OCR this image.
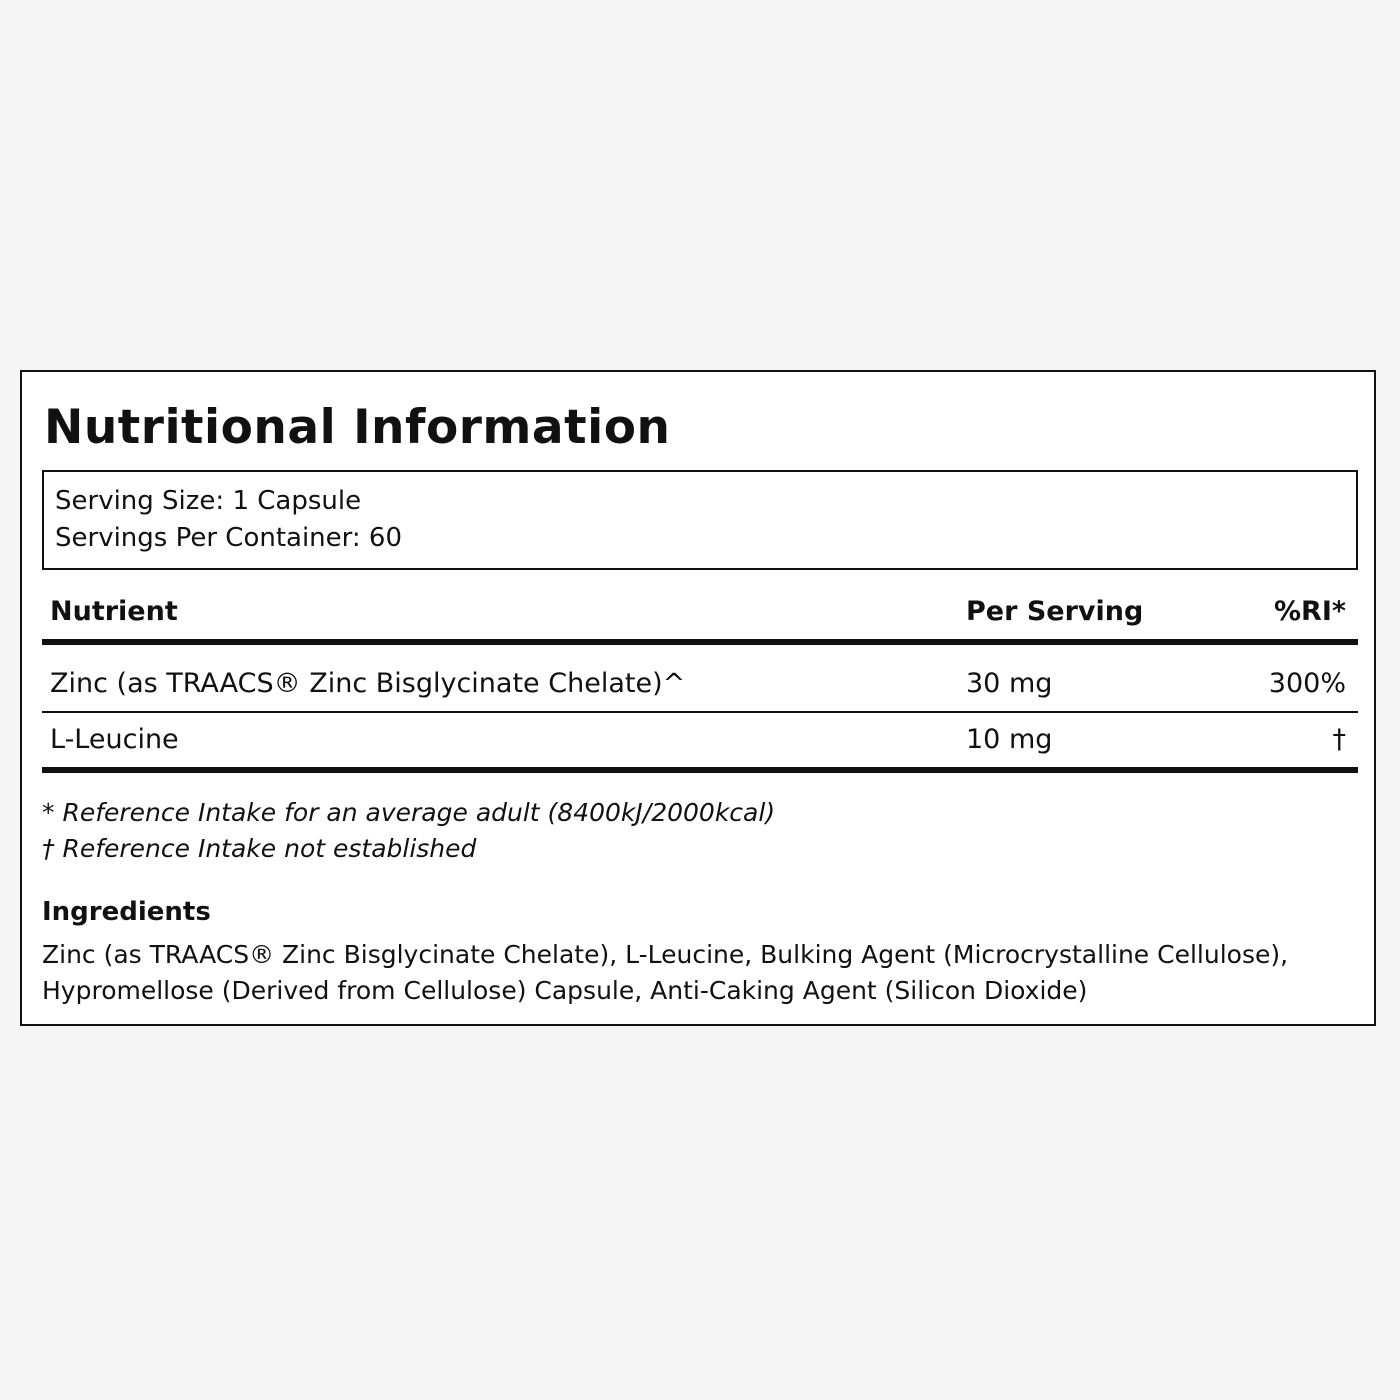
Nutritional Information
Serving Size: 1 Capsule
Servings Per Container: 60
Nutrient	Per Serving	%RI*
Zinc (as TRAACS® Zinc Bisglycinate Chelate)^	30 mg	300%
L-Leucine	10 mg	†
* Reference Intake for an average adult (8400kJ/2000kcal)
† Reference Intake not established
Ingredients
Zinc (as TRAACS® Zinc Bisglycinate Chelate), L-Leucine, Bulking Agent (Microcrystalline Cellulose), Hypromellose (Derived from Cellulose) Capsule, Anti-Caking Agent (Silicon Dioxide)
